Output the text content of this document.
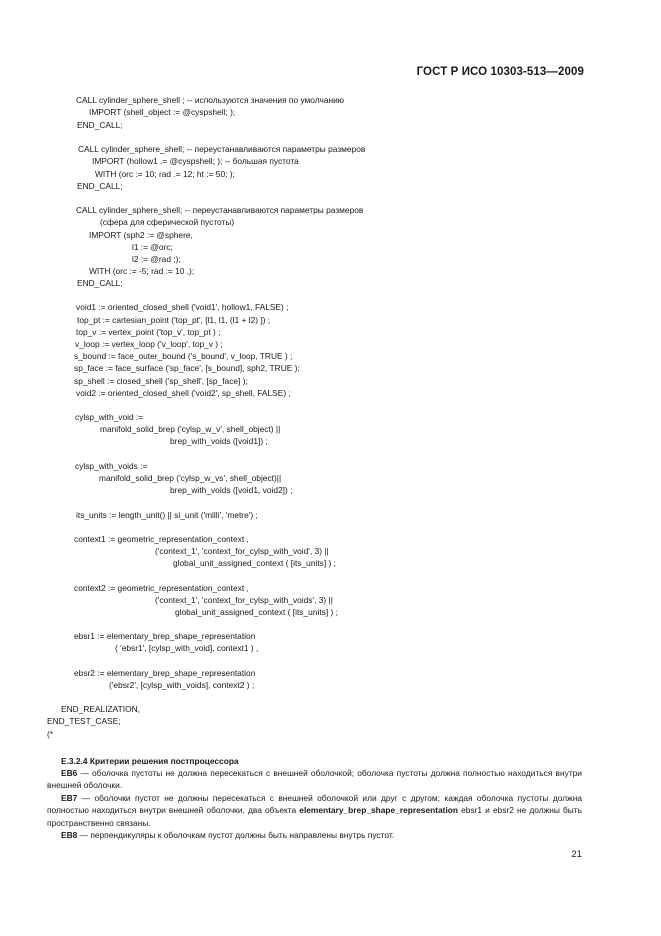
ГОСТ Р ИСО 10303-513—2009

CALL cylinder_sphere_shell ; -- используются значения по умолчанию

IMPORT (shell_object := @cyspshell; );

END_CALL;

CALL cylinder_sphere_shell; -- переустанавливаются параметры размеров

IMPORT (hollow1 .= @cyspshell; ); -- большая пустота

WITH (orc := 10; rad .= 12; ht := 50; );

END_CALL;

CALL cylinder_sphere_shell; -- переустанавливаются параметры размеров

(сфера для сферической пустоты)

IMPORT (sph2 := @sphere,

l1 := @orc;

l2 := @rad ;);

WITH (orc := -5; rad := 10 ,);

END_CALL;

void1 := oriented_closed_shell ('void1', hollow1, FALSE) ;

top_pt := cartesian_point ('top_pt', [l1, l1, (l1 + l2) ]) ;

top_v := vertex_point ('top_v', top_pt ) ;

v_loop := vertex_loop ('v_loop', top_v ) ;

s_bound := face_outer_bound ('s_bound', v_loop, TRUE ) ;

sp_face := face_surface ('sp_face', [s_bound], sph2, TRUE );

sp_shell := closed_shell ('sp_shell', [sp_face] );

void2 := oriented_closed_shell ('void2', sp_shell, FALSE) ;

cylsp_with_void :=

manifold_solid_brep ('cylsp_w_v', shell_object) ||

brep_with_voids ([void1]) ;

cylsp_with_voids :=

manifold_solid_brep ('cylsp_w_vs', shell_object)||

brep_with_voids ([void1, void2]) ;

its_units := length_unit() || si_unit ('milli', 'metre') ;

context1 := geometric_representation_context ,

('context_1', 'context_for_cylsp_with_void', 3) ||

global_unit_assigned_context ( [its_units] ) ;

context2 := geometric_representation_context ,

('context_1', 'context_for_cylsp_with_voids', 3) ||

global_unit_assigned_context ( [its_units] ) ;

ebsr1 := elementary_brep_shape_representation

( 'ebsr1', [cylsp_with_void], context1 ) ,

ebsr2 := elementary_brep_shape_representation

('ebsr2', [cylsp_with_voids], context2 ) ;

END_REALIZATION,

END_TEST_CASE;

(*

Е.3.2.4 Критерии решения постпроцессора
ЕВ6 — оболочка пустоты не должна пересекаться с внешней оболочкой; оболочка пустоты должна полностью находиться внутри внешней оболочки.
ЕВ7 — оболочки пустот не должны пересекаться с внешней оболочкой или друг с другом; каждая оболочка пустоты должна полностью находиться внутри внешней оболочки, два объекта elementary_brep_shape_representation ebsr1 и ebsr2 не должны быть пространственно связаны.
ЕВ8 — перпендикуляры к оболочкам пустот должны быть направлены внутрь пустот.
21
